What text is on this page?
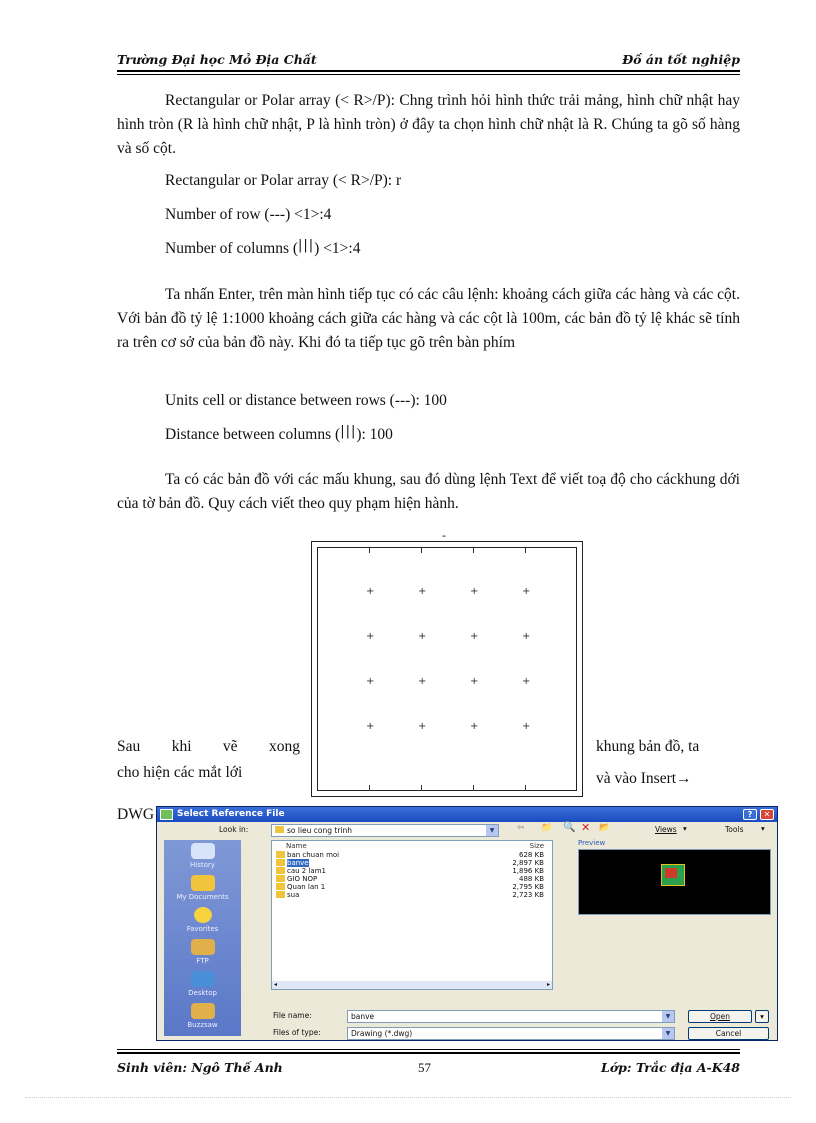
Trường Đại học Mỏ Địa Chất	Đồ án tốt nghiệp
Rectangular or Polar array (< R>/P): Chng trình hỏi hình thức trải mảng, hình chữ nhật hay hình tròn (R là hình chữ nhật, P là hình tròn) ở đây ta chọn hình chữ nhật là R. Chúng ta gõ số hàng và số cột.
Rectangular or Polar array (< R>/P): r
Number of row (---) <1>:4
Number of columns (|||) <1>:4
Ta nhấn Enter, trên màn hình tiếp tục có các câu lệnh: khoảng cách giữa các hàng và các cột. Với bản đồ tỷ lệ 1:1000 khoảng cách giữa các hàng và các cột là 100m, các bản đồ tỷ lệ khác sẽ tính ra trên cơ sở của bản đồ này. Khi đó ta tiếp tục gõ trên bàn phím
Units cell or distance between rows (---): 100
Distance between columns (|||): 100
Ta có các bản đồ với các mấu khung, sau đó dùng lệnh Text để viết toạ độ cho cáckhung dới của tờ bản đồ. Quy cách viết theo quy phạm hiện hành.
-
+	+	+	+
+	+	+	+
+	+	+	+
+	+	+	+
Sau khi vẽ xong	khung bản đồ, ta
cho hiện các mắt lới	và vào Insert→
DWG	Select Reference File	?	✕
Look in:	so lieu cong trinh	▼	⇦ 📁 🔍 ✕ 📂	Views ▾	Tools ▾
History
My Documents
Favorites
FTP
Desktop
Buzzsaw
Name	Size
ban chuan moi	628 KB
banve	2,897 KB
cau 2 lam1	1,896 KB
GIO NOP	488 KB
Quan lan 1	2,795 KB
sua	2,723 KB
◂	▸
Preview
File name:	banve	▼
Files of type:	Drawing (*.dwg)	▼
Open	▾
Cancel
Sinh viên: Ngô Thế Anh	57	Lớp: Trắc địa A-K48
